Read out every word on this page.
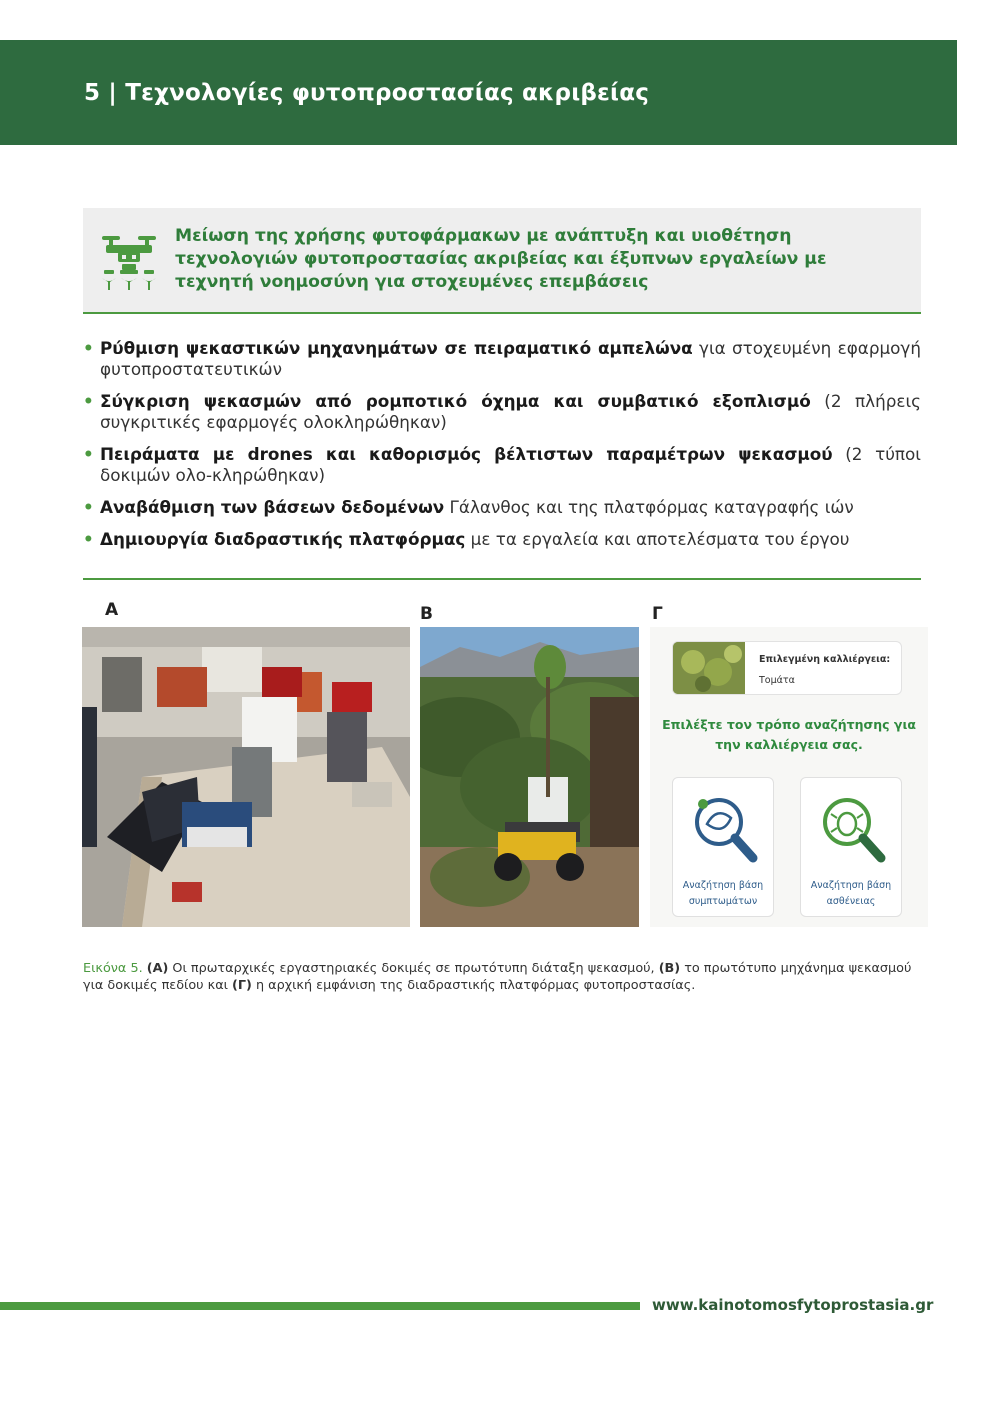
5 | Τεχνολογίες φυτοπροστασίας ακριβείας
Μείωση της χρήσης φυτοφάρμακων με ανάπτυξη και υιοθέτηση τεχνολογιών φυτοπροστασίας ακριβείας και έξυπνων εργαλείων με τεχνητή νοημοσύνη για στοχευμένες επεμβάσεις
• Ρύθμιση ψεκαστικών μηχανημάτων σε πειραματικό αμπελώνα για στοχευμένη εφαρμογή φυτοπροστατευτικών
• Σύγκριση ψεκασμών από ρομποτικό όχημα και συμβατικό εξοπλισμό (2 πλήρεις συγκριτικές εφαρμογές ολοκληρώθηκαν)
• Πειράματα με drones και καθορισμός βέλτιστων παραμέτρων ψεκασμού (2 τύποι δοκιμών ολο-κληρώθηκαν)
• Αναβάθμιση των βάσεων δεδομένων Γάλανθος και της πλατφόρμας καταγραφής ιών
• Δημιουργία διαδραστικής πλατφόρμας με τα εργαλεία και αποτελέσματα του έργου
A	B	Γ
Επιλεγμένη καλλιέργεια:
Τομάτα
Επιλέξτε τον τρόπο αναζήτησης για την καλλιέργεια σας.
Αναζήτηση βάση συμπτωμάτων
Αναζήτηση βάση ασθένειας
Εικόνα 5. (Α) Οι πρωταρχικές εργαστηριακές δοκιμές σε πρωτότυπη διάταξη ψεκασμού, (Β) το πρωτότυπο μηχάνημα ψεκασμού για δοκιμές πεδίου και (Γ) η αρχική εμφάνιση της διαδραστικής πλατφόρμας φυτοπροστασίας.
www.kainotomosfytoprostasia.gr
